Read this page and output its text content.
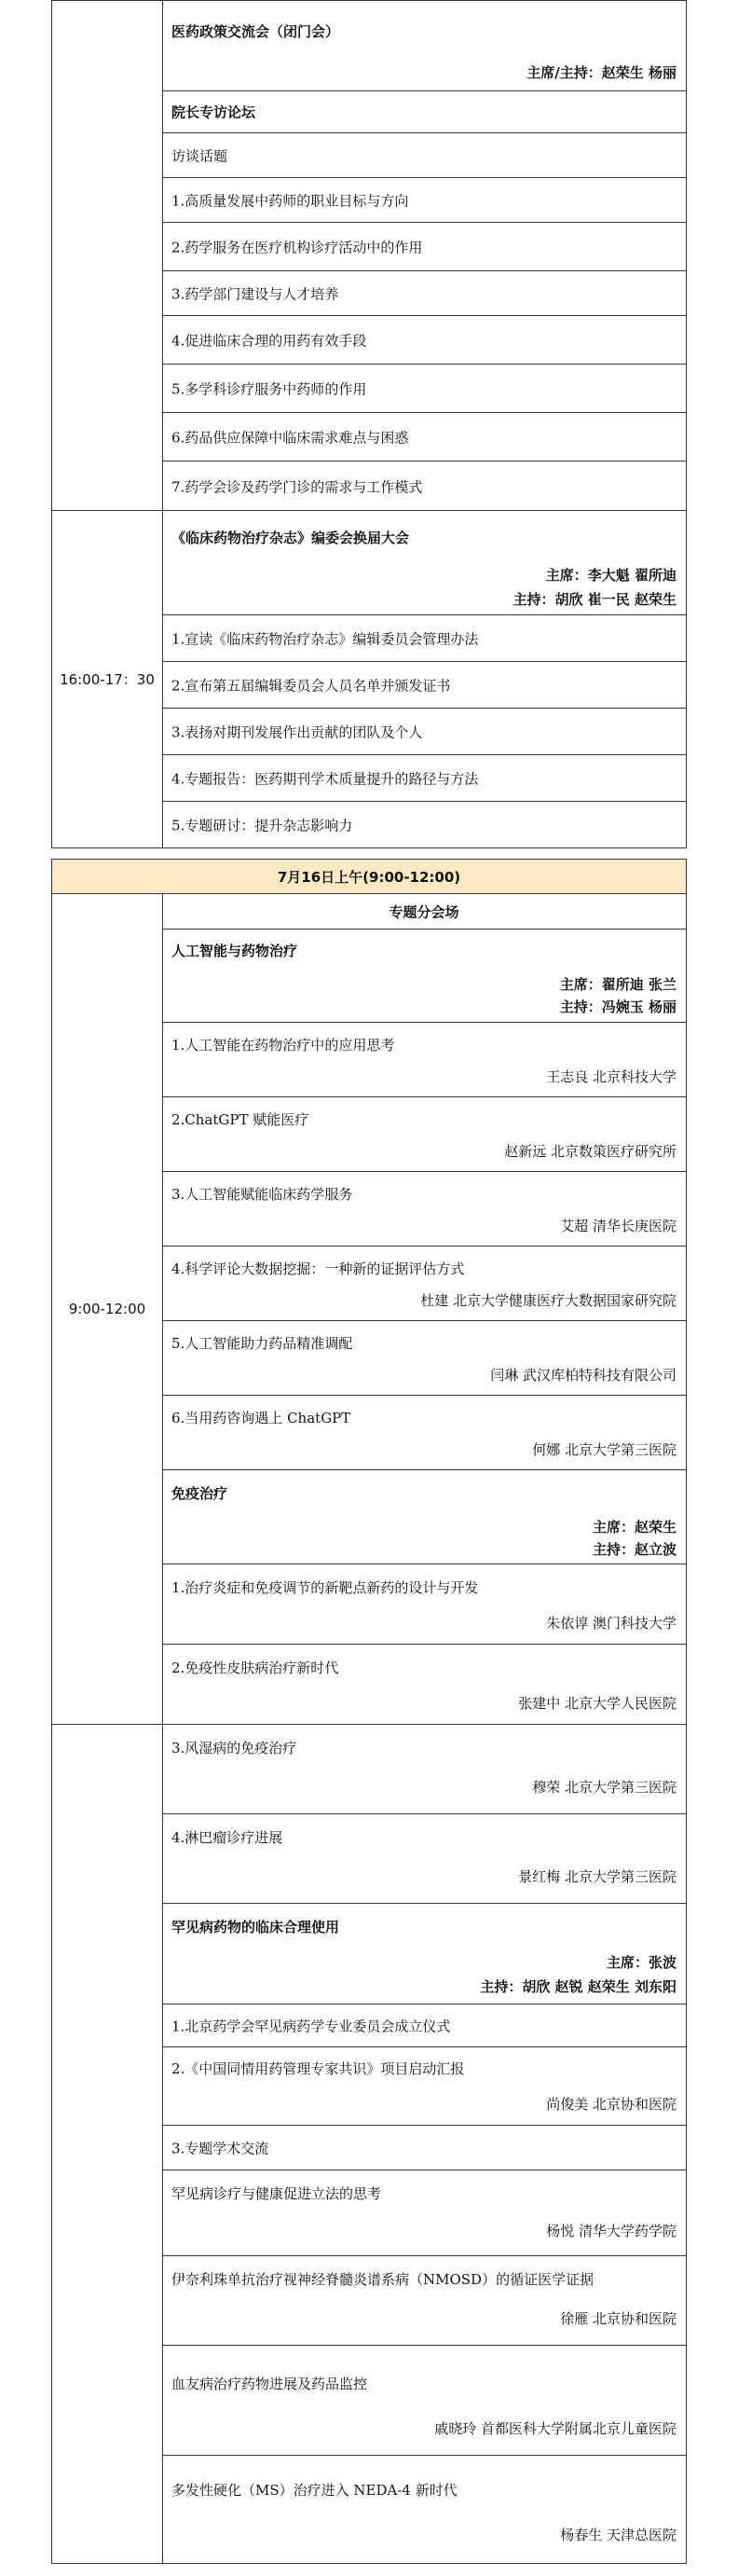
医药政策交流会（闭门会）
主席/主持：赵荣生 杨丽
院长专访论坛
访谈话题
1.高质量发展中药师的职业目标与方向
2.药学服务在医疗机构诊疗活动中的作用
3.药学部门建设与人才培养
4.促进临床合理的用药有效手段
5.多学科诊疗服务中药师的作用
6.药品供应保障中临床需求难点与困惑
7.药学会诊及药学门诊的需求与工作模式
16:00-17：30
《临床药物治疗杂志》编委会换届大会
主席：李大魁 翟所迪
主持：胡欣 崔一民 赵荣生
1.宣读《临床药物治疗杂志》编辑委员会管理办法
2.宣布第五届编辑委员会人员名单并颁发证书
3.表扬对期刊发展作出贡献的团队及个人
4.专题报告：医药期刊学术质量提升的路径与方法
5.专题研讨：提升杂志影响力
7月16日上午(9:00-12:00)
9:00-12:00
专题分会场
人工智能与药物治疗
主席：翟所迪 张兰
主持：冯婉玉 杨丽
1.人工智能在药物治疗中的应用思考
王志良 北京科技大学
2.ChatGPT 赋能医疗
赵新远 北京数策医疗研究所
3.人工智能赋能临床药学服务
艾超 清华长庚医院
4.科学评论大数据挖掘：一种新的证据评估方式
杜建 北京大学健康医疗大数据国家研究院
5.人工智能助力药品精准调配
闫琳 武汉库柏特科技有限公司
6.当用药咨询遇上 ChatGPT
何娜 北京大学第三医院
免疫治疗
主席：赵荣生
主持：赵立波
1.治疗炎症和免疫调节的新靶点新药的设计与开发
朱依谆 澳门科技大学
2.免疫性皮肤病治疗新时代
张建中 北京大学人民医院
3.风湿病的免疫治疗
穆荣 北京大学第三医院
4.淋巴瘤诊疗进展
景红梅 北京大学第三医院
罕见病药物的临床合理使用
主席：张波
主持：胡欣 赵锐 赵荣生 刘东阳
1.北京药学会罕见病药学专业委员会成立仪式
2.《中国同情用药管理专家共识》项目启动汇报
尚俊美 北京协和医院
3.专题学术交流
罕见病诊疗与健康促进立法的思考
杨悦 清华大学药学院
伊奈利珠单抗治疗视神经脊髓炎谱系病（NMOSD）的循证医学证据
徐雁 北京协和医院
血友病治疗药物进展及药品监控
戚晓玲 首都医科大学附属北京儿童医院
多发性硬化（MS）治疗进入 NEDA-4 新时代
杨春生 天津总医院
